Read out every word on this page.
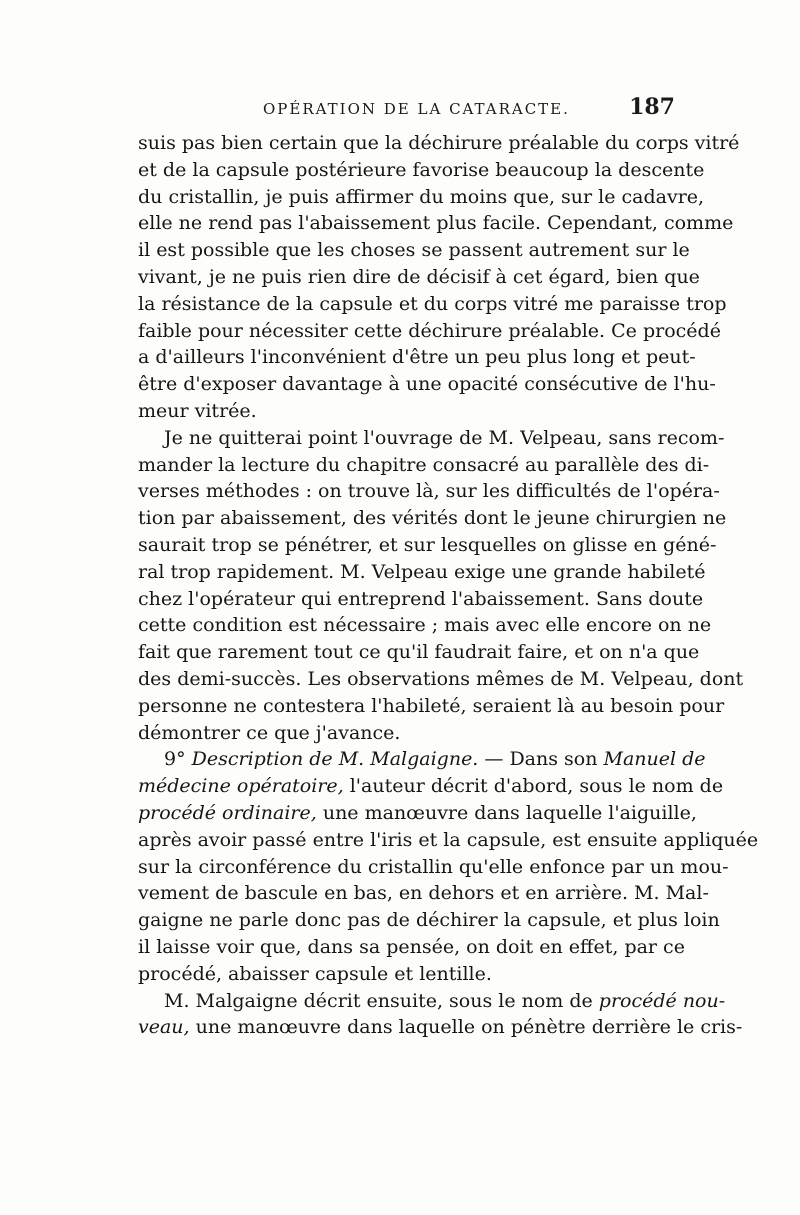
OPÉRATION DE LA CATARACTE.	187
suis pas bien certain que la déchirure préalable du corps vitré
et de la capsule postérieure favorise beaucoup la descente
du cristallin, je puis affirmer du moins que, sur le cadavre,
elle ne rend pas l'abaissement plus facile. Cependant, comme
il est possible que les choses se passent autrement sur le
vivant, je ne puis rien dire de décisif à cet égard, bien que
la résistance de la capsule et du corps vitré me paraisse trop
faible pour nécessiter cette déchirure préalable. Ce procédé
a d'ailleurs l'inconvénient d'être un peu plus long et peut-
être d'exposer davantage à une opacité consécutive de l'hu-
meur vitrée.
Je ne quitterai point l'ouvrage de M. Velpeau, sans recom-
mander la lecture du chapitre consacré au parallèle des di-
verses méthodes : on trouve là, sur les difficultés de l'opéra-
tion par abaissement, des vérités dont le jeune chirurgien ne
saurait trop se pénétrer, et sur lesquelles on glisse en géné-
ral trop rapidement. M. Velpeau exige une grande habileté
chez l'opérateur qui entreprend l'abaissement. Sans doute
cette condition est nécessaire ; mais avec elle encore on ne
fait que rarement tout ce qu'il faudrait faire, et on n'a que
des demi-succès. Les observations mêmes de M. Velpeau, dont
personne ne contestera l'habileté, seraient là au besoin pour
démontrer ce que j'avance.
9° Description de M. Malgaigne. — Dans son Manuel de
médecine opératoire, l'auteur décrit d'abord, sous le nom de
procédé ordinaire, une manœuvre dans laquelle l'aiguille,
après avoir passé entre l'iris et la capsule, est ensuite appliquée
sur la circonférence du cristallin qu'elle enfonce par un mou-
vement de bascule en bas, en dehors et en arrière. M. Mal-
gaigne ne parle donc pas de déchirer la capsule, et plus loin
il laisse voir que, dans sa pensée, on doit en effet, par ce
procédé, abaisser capsule et lentille.
M. Malgaigne décrit ensuite, sous le nom de procédé nou-
veau, une manœuvre dans laquelle on pénètre derrière le cris-
